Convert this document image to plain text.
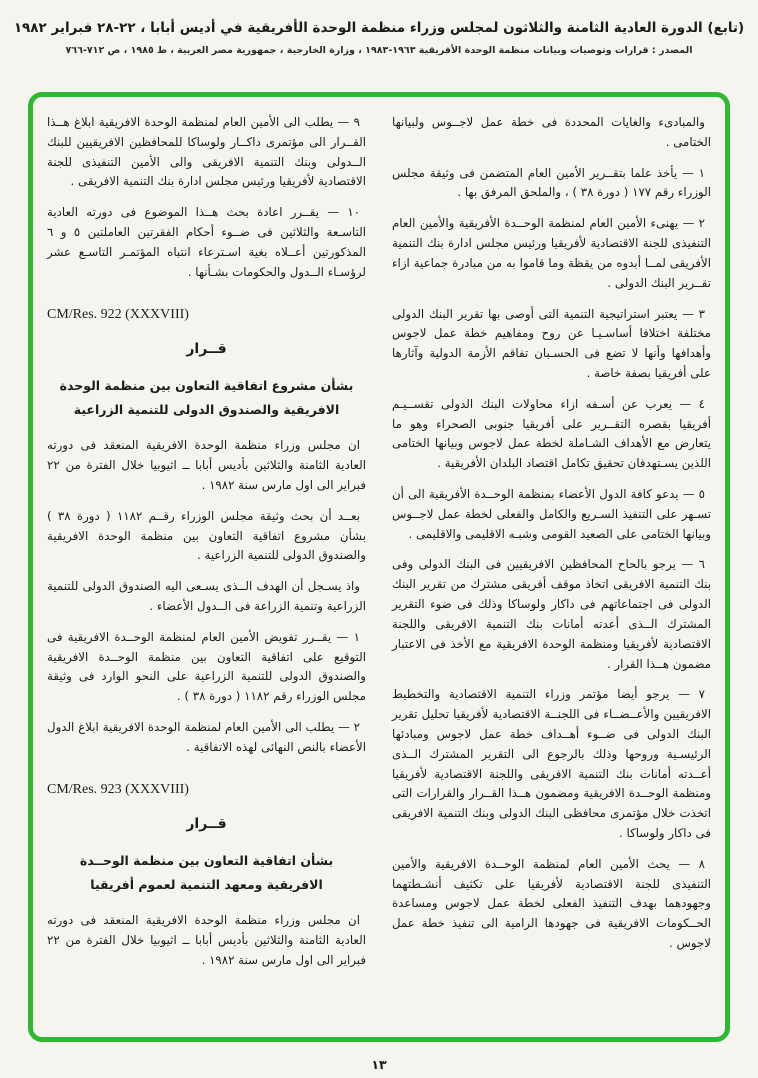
(تابع) الدورة العادية الثامنة والثلاثون لمجلس وزراء منظمة الوحدة الأفريقية في أديس أبابا ، ٢٢-٢٨ فبراير ١٩٨٢
المصدر : قرارات وتوصيات وبيانات منظمة الوحدة الأفريقية ١٩٦٣-١٩٨٣ ، وزارة الخارجية ، جمهورية مصر العربية ، ط ١٩٨٥ ، ص ٧١٢-٧٦٦

والمبادىء والغايات المحددة فى خطة عمل لاجــوس ولبيانها الختامى .

١ — يأخذ علما بتقــرير الأمين العام المتضمن فى وثيقة مجلس الوزراء رقم ١٧٧ ( دورة ٣٨ ) ، والملحق المرفق بها .

٢ — يهنىء الأمين العام لمنظمة الوحــدة الأفريقية والأمين العام التنفيذى للجنة الاقتصادية لأفريقيا ورئيس مجلس ادارة بنك التنمية الأفريقى لمــا أبدوه من يقظة وما قاموا به من مبادرة جماعية ازاء تقــرير البنك الدولى .

٣ — يعتبر استراتيجية التنمية التى أوصى بها تقرير البنك الدولى مختلفة اختلافا أساسـيـا عن روح ومفاهيم خطة عمل لاجوس وأهدافها وأنها لا تضع فى الحسـبان تفاقم الأزمة الدولية وآثارها على أفريقيا بصفة خاصة .

٤ — يعرب عن أسـفه ازاء محاولات البنك الدولى تقســيـم أفريقيا بقصره التقــرير على أفريقيا جنوبى الصحراء وهو ما يتعارض مع الأهداف الشـاملة لخطة عمل لاجوس وبيانها الختامى اللذين يسـتهدفان تحقيق تكامل اقتصاد البلدان الأفريقية .

٥ — يدعو كافة الدول الأعضاء بمنظمة الوحــدة الأفريقية الى أن تسـهر على التنفيذ السـريع والكامل والفعلى لخطة عمل لاجــوس وبيانها الختامى على الصعيد القومى وشبـه الاقليمى والاقليمى .

٦ — يرجو بالحاح المحافظين الافريقيين فى البنك الدولى وفى بنك التنمية الافريقى اتخاذ موقف أفريقى مشترك من تقرير البنك الدولى فى اجتماعاتهم فى داكار ولوساكا وذلك فى ضوء التقرير المشترك الــذى أعدته أمانات بنك التنمية الافريقى واللجنة الاقتصادية لأفريقيا ومنظمة الوحدة الافريقية مع الأخذ فى الاعتبار مضمون هــذا القرار .

٧ — يرجو أيضا مؤتمر وزراء التنمية الاقتصادية والتخطيط الافريقيين والأعــضــاء فى اللجنــة الاقتصادية لأفريقيا تحليل تقرير البنك الدولى فى ضــوء أهــداف خطة عمل لاجوس ومبادئها الرئيسـية وروحها وذلك بالرجوع الى التقرير المشترك الــذى أعــدته أمانات بنك التنمية الافريقى واللجنة الاقتصادية لأفريقيا ومنظمة الوحــدة الافريقية ومضمون هــذا القــرار والقرارات التى اتخذت خلال مؤتمرى محافظى البنك الدولى وبنك التنمية الافريقى فى داكار ولوساكا .

٨ — يحث الأمين العام لمنظمة الوحــدة الافريقية والأمين التنفيذى للجنة الاقتصادية لأفريقيا على تكثيف أنشـطتهما وجهودهما بهدف التنفيذ الفعلى لخطة عمل لاجوس ومساعدة الحــكومات الافريقية فى جهودها الرامية الى تنفيذ خطة عمل لاجوس .

٩ — يطلب الى الأمين العام لمنظمة الوحدة الافريقية ابلاغ هــذا القــرار الى مؤتمرى داكــار ولوساكا للمحافظين الافريقيين للبنك الــدولى وبنك التنمية الافريقى والى الأمين التنفيذى للجنة الاقتصادية لأفريقيا ورئيس مجلس ادارة بنك التنمية الافريقى .

١٠ — يقــرر اعادة بحث هــذا الموضوع فى دورته العادية التاسـعة والثلاثين فى ضــوء أحكام الفقرتين العاملتين ٥ و ٦ المذكورتين أعــلاه بغية اسـترعاء انتباه المؤتمـر التاسـع عشر لرؤسـاء الــدول والحكومات بشـأنها .

CM/Res. 922 (XXXVIII)

قــرار

بشأن مشروع اتفاقية التعاون بين منظمة الوحدة الافريقية والصندوق الدولى للتنمية الزراعية

ان مجلس وزراء منظمة الوحدة الافريقية المنعقد فى دورته العادية الثامنة والثلاثين بأديس أبابا ــ اثيوبيا خلال الفترة من ٢٢ فبراير الى اول مارس سنة ١٩٨٢ .

بعــد أن بحث وثيقة مجلس الوزراء رقــم ١١٨٢ ( دورة ٣٨ ) بشأن مشروع اتفاقية التعاون بين منظمة الوحدة الافريقية والصندوق الدولى للتنمية الزراعية .

واذ يسـجل أن الهدف الــذى يسـعى اليه الصندوق الدولى للتنمية الزراعية وتنمية الزراعة فى الــدول الأعضاء .

١ — يقــرر تفويض الأمين العام لمنظمة الوحــدة الافريقية فى التوقيع على اتفاقية التعاون بين منظمة الوحــدة الافريقية والصندوق الدولى للتنمية الزراعية على النحو الوارد فى وثيقة مجلس الوزراء رقم ١١٨٢ ( دورة ٣٨ ) .

٢ — يطلب الى الأمين العام لمنظمة الوحدة الافريقية ابلاغ الدول الأعضاء بالنص النهائى لهذه الاتفاقية .

CM/Res. 923 (XXXVIII)

قــرار

بشأن اتفاقية التعاون بين منظمة الوحــدة الافريقية ومعهد التنمية لعموم أفريقيا

ان مجلس وزراء منظمة الوحدة الافريقية المنعقد فى دورته العادية الثامنة والثلاثين بأديس أبابا ــ اثيوبيا خلال الفترة من ٢٢ فبراير الى اول مارس سنة ١٩٨٢ .

١٣
